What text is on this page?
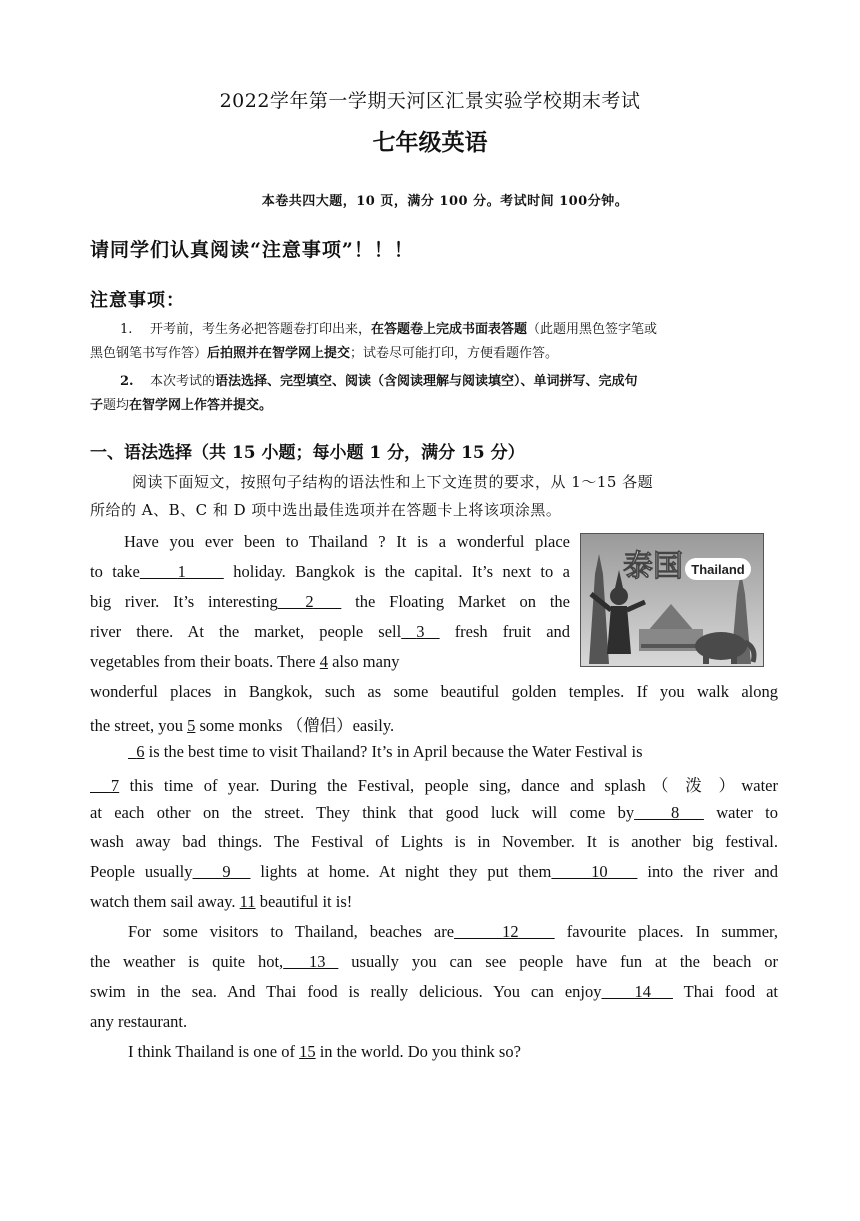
2022学年第一学期天河区汇景实验学校期末考试
七年级英语
本卷共四大题，10 页，满分 100 分。考试时间 100分钟。
请同学们认真阅读“注意事项”！！！
注意事项：
1. 开考前，考生务必把答题卷打印出来，在答题卷上完成书面表答题（此题用黑色签字笔或
黑色钢笔书写作答）后拍照并在智学网上提交；试卷尽可能打印，方便看题作答。
2. 本次考试的语法选择、完型填空、阅读（含阅读理解与阅读填空）、单词拼写、完成句
子题均在智学网上作答并提交。
一、语法选择（共 15 小题；每小题 1 分，满分 15 分）
阅读下面短文，按照句子结构的语法性和上下文连贯的要求，从 1～15 各题
所给的 A、B、C 和 D 项中选出最佳选项并在答题卡上将该项涂黑。
泰国 Thailand
Have you ever been to Thailand ? It is a wonderful place
to take 1     holiday. Bangkok is the capital. It’s next to a
big river. It’s interesting 2   the Floating Market on the
river there. At the market, people sell 3  fresh fruit and
vegetables from their boats. There 4 also many
wonderful places in Bangkok, such as some beautiful golden temples. If you walk along
the street, you 5 some monks （僧侣）easily.
6 is the best time to visit Thailand? It’s in April because the Water Festival is
7 this time of year. During the Festival, people sing, dance and splash（ 泼 ）water
at each other on the street. They think that good luck will come by 8   water to
wash away bad things. The Festival of Lights is in November. It is another big festival.
People usually 9   lights at home. At night they put them 10    into the river and
watch them sail away. 11 beautiful it is!
For some visitors to Thailand, beaches are	12    favourite places. In summer,
the weather is quite hot, 13  usually you can see people have fun at the beach or
swim in the sea. And Thai food is really delicious. You can enjoy 14   Thai food at
any restaurant.
I think Thailand is one of 15 in the world. Do you think so?
